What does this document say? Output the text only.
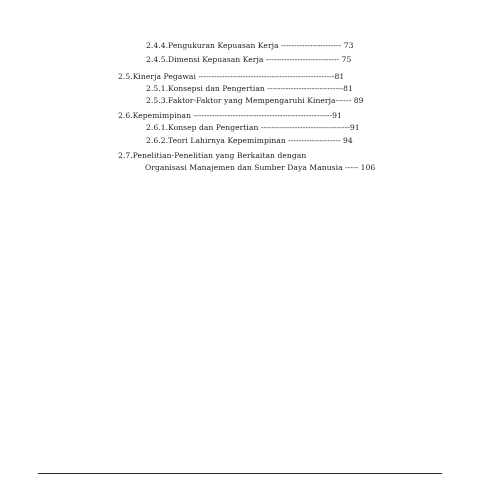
2.4.4.Pengukuran Kepuasan Kerja ----------------------- 73
2.4.5.Dimensi Kepuasan Kerja ---------------------------- 75
2.5.Kinerja Pegawai ----------------------------------------------------81
2.5.1.Konsepsi dan Pengertian -----------------------------81
2.5.3.Faktor-Faktor yang Mempengaruhi Kinerja------ 89
2.6.Kepemimpinan -----------------------------------------------------91
2.6.1.Konsep dan Pengertian ----------------------------------91
2.6.2.Teori Lahirnya Kepemimpinan -------------------- 94
2.7.Penelitian-Penelitian yang Berkaitan dengan
Organisasi Manajemen dan Sumber Daya Manusia ----- 106
